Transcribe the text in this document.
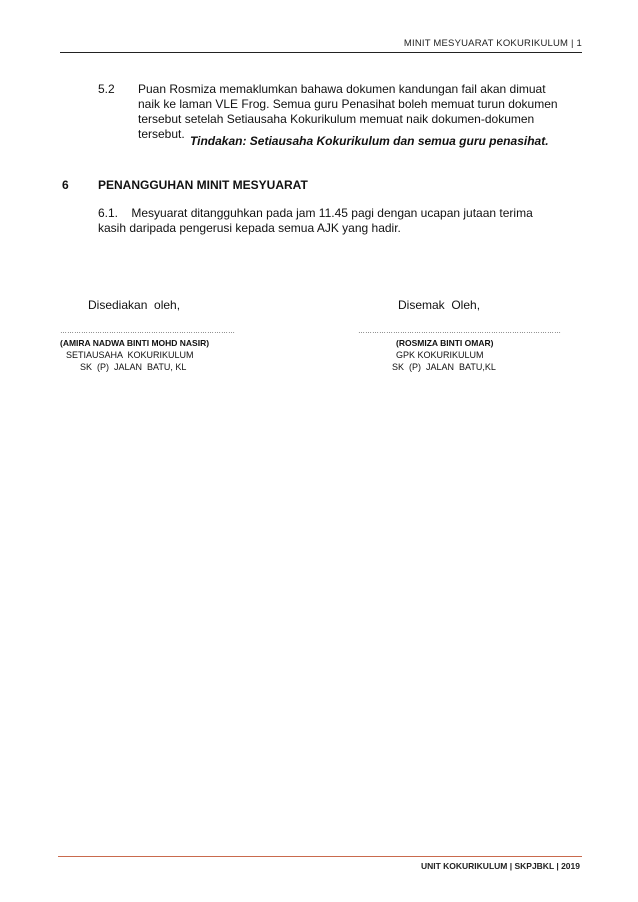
MINIT MESYUARAT KOKURIKULUM | 1
5.2 Puan Rosmiza memaklumkan bahawa dokumen kandungan fail akan dimuat naik ke laman VLE Frog. Semua guru Penasihat boleh memuat turun dokumen tersebut setelah Setiausaha Kokurikulum memuat naik dokumen-dokumen tersebut. Tindakan: Setiausaha Kokurikulum dan semua guru penasihat.
6 PENANGGUHAN MINIT MESYUARAT
6.1.    Mesyuarat ditangguhkan pada jam 11.45 pagi dengan ucapan jutaan terima kasih daripada pengerusi kepada semua AJK yang hadir.
Disediakan  oleh,	Disemak  Oleh,
…………………………………………………………………	……………………………………………………………………………
(AMIRA NADWA BINTI MOHD NASIR)	(ROSMIZA BINTI OMAR)
SETIAUSAHA  KOKURIKULUM	GPK KOKURIKULUM
SK  (P)  JALAN  BATU, KL	SK  (P)  JALAN  BATU,KL
UNIT KOKURIKULUM | SKPJBKL | 2019
